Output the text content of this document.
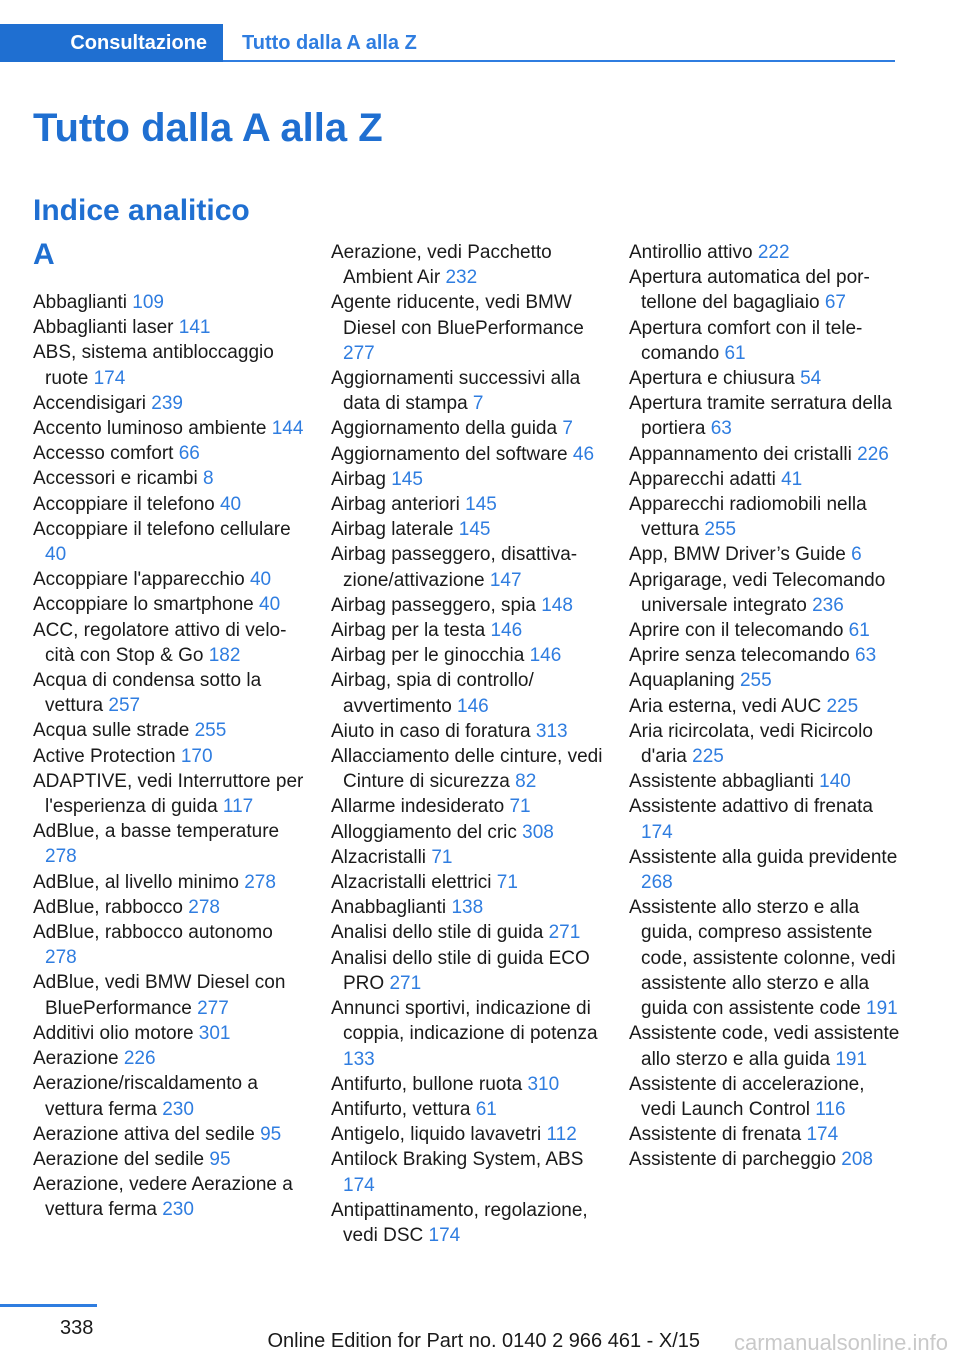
Consultazione	Tutto dalla A alla Z
Tutto dalla A alla Z
Indice analitico
A
Abbaglianti 109
Abbaglianti laser 141
ABS, sistema antibloccaggio ruote 174
Accendisigari 239
Accento luminoso ambiente 144
Accesso comfort 66
Accessori e ricambi 8
Accoppiare il telefono 40
Accoppiare il telefono cellulare 40
Accoppiare l'apparecchio 40
Accoppiare lo smartphone 40
ACC, regolatore attivo di velocità con Stop & Go 182
Acqua di condensa sotto la vettura 257
Acqua sulle strade 255
Active Protection 170
ADAPTIVE, vedi Interruttore per l'esperienza di guida 117
AdBlue, a basse temperature 278
AdBlue, al livello minimo 278
AdBlue, rabbocco 278
AdBlue, rabbocco autonomo 278
AdBlue, vedi BMW Diesel con BluePerformance 277
Additivi olio motore 301
Aerazione 226
Aerazione/riscaldamento a vettura ferma 230
Aerazione attiva del sedile 95
Aerazione del sedile 95
Aerazione, vedere Aerazione a vettura ferma 230
Aerazione, vedi Pacchetto Ambient Air 232
Agente riducente, vedi BMW Diesel con BluePerformance 277
Aggiornamenti successivi alla data di stampa 7
Aggiornamento della guida 7
Aggiornamento del software 46
Airbag 145
Airbag anteriori 145
Airbag laterale 145
Airbag passeggero, disattivazione/attivazione 147
Airbag passeggero, spia 148
Airbag per la testa 146
Airbag per le ginocchia 146
Airbag, spia di controllo/ avvertimento 146
Aiuto in caso di foratura 313
Allacciamento delle cinture, vedi Cinture di sicurezza 82
Allarme indesiderato 71
Alloggiamento del cric 308
Alzacristalli 71
Alzacristalli elettrici 71
Anabbaglianti 138
Analisi dello stile di guida 271
Analisi dello stile di guida ECO PRO 271
Annunci sportivi, indicazione di coppia, indicazione di potenza 133
Antifurto, bullone ruota 310
Antifurto, vettura 61
Antigelo, liquido lavavetri 112
Antilock Braking System, ABS 174
Antipattinamento, regolazione, vedi DSC 174
Antirollio attivo 222
Apertura automatica del portellone del bagagliaio 67
Apertura comfort con il telecomando 61
Apertura e chiusura 54
Apertura tramite serratura della portiera 63
Appannamento dei cristalli 226
Apparecchi adatti 41
Apparecchi radiomobili nella vettura 255
App, BMW Driver’s Guide 6
Aprigarage, vedi Telecomando universale integrato 236
Aprire con il telecomando 61
Aprire senza telecomando 63
Aquaplaning 255
Aria esterna, vedi AUC 225
Aria ricircolata, vedi Ricircolo d'aria 225
Assistente abbaglianti 140
Assistente adattivo di frenata 174
Assistente alla guida previdente 268
Assistente allo sterzo e alla guida, compreso assistente code, assistente colonne, vedi assistente allo sterzo e alla guida con assistente code 191
Assistente code, vedi assistente allo sterzo e alla guida 191
Assistente di accelerazione, vedi Launch Control 116
Assistente di frenata 174
Assistente di parcheggio 208
338
Online Edition for Part no. 0140 2 966 461 - X/15 carmanualsonline.info
